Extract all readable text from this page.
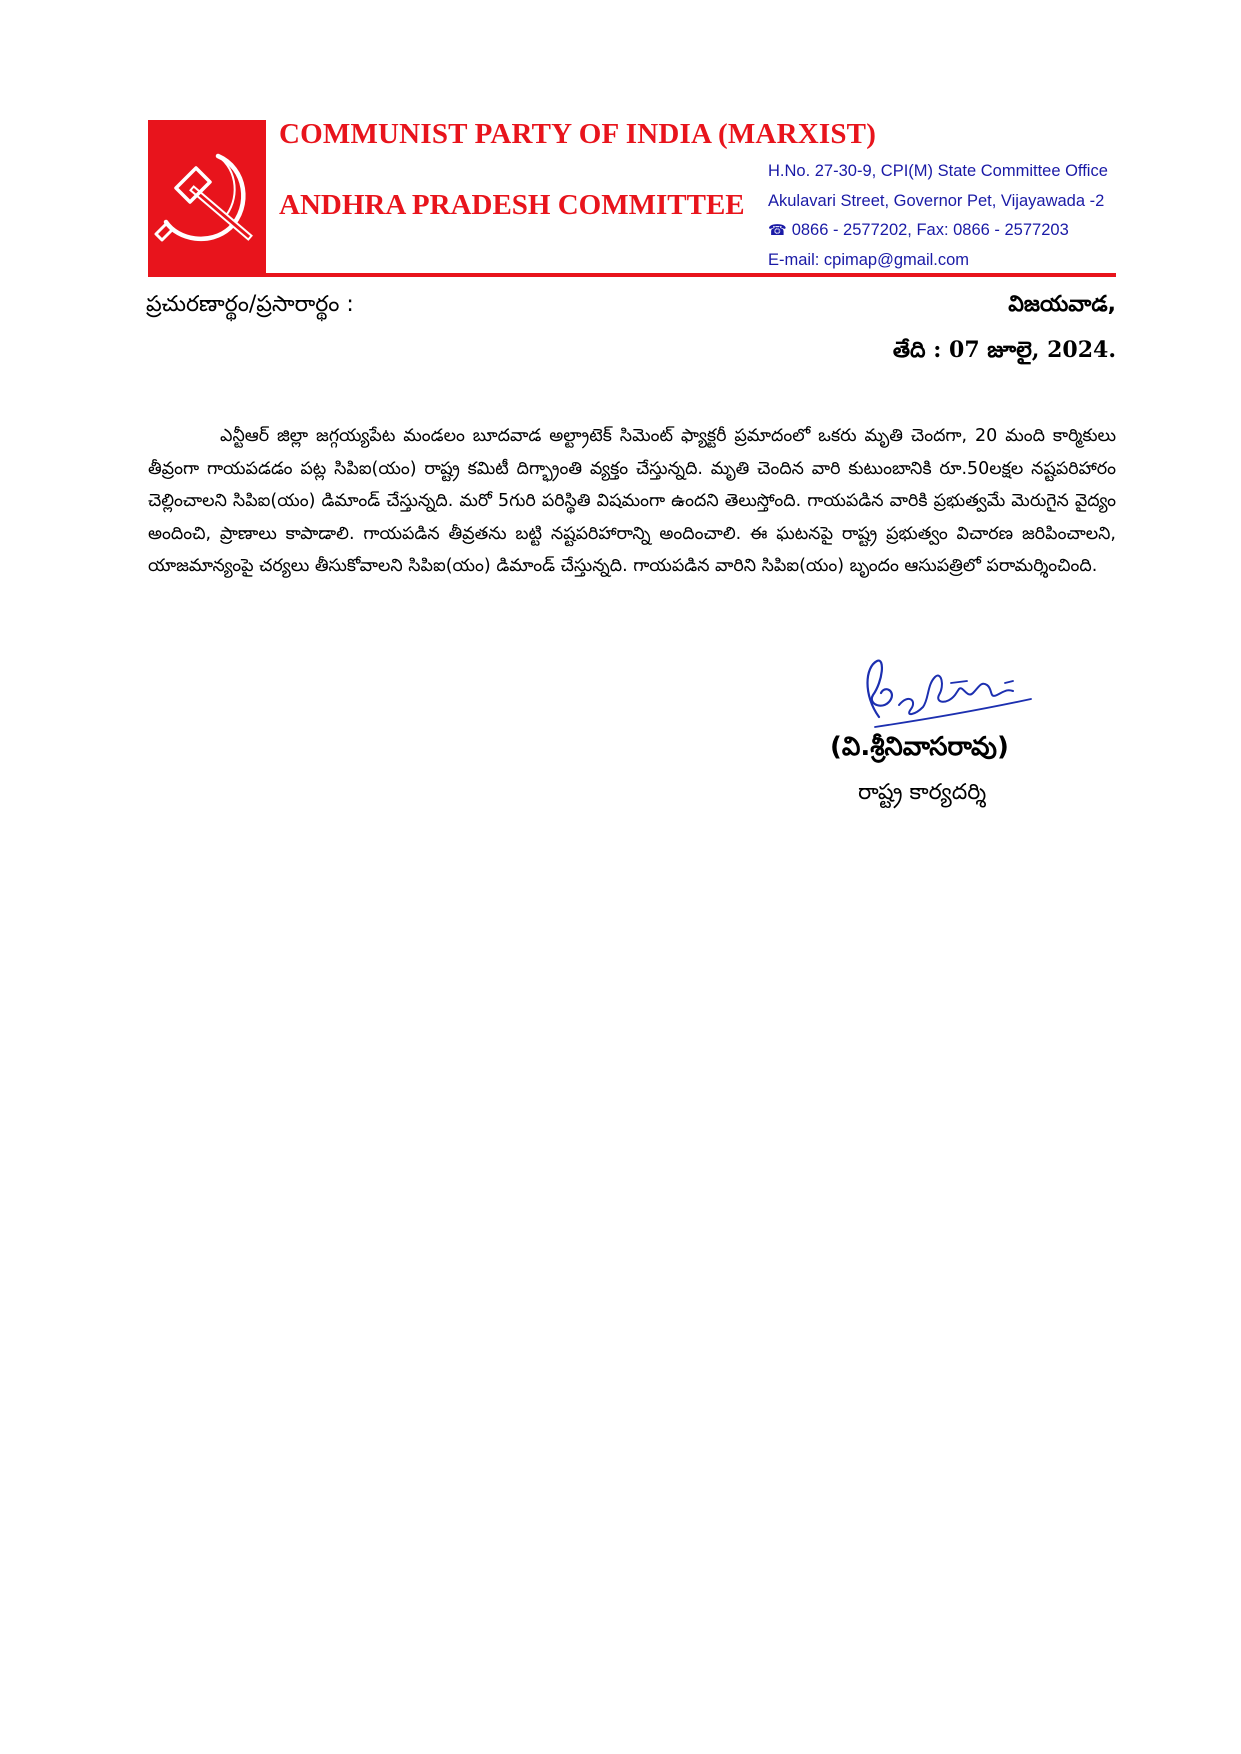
COMMUNIST PARTY OF INDIA (MARXIST)
ANDHRA PRADESH COMMITTEE
H.No. 27-30-9, CPI(M) State Committee Office
Akulavari Street, Governor Pet, Vijayawada -2
☎ 0866 - 2577202, Fax: 0866 - 2577203
E-mail: cpimap@gmail.com
ప్రచురణార్థం/ప్రసారార్థం :	విజయవాడ,
తేది : 07 జూలై, 2024.
ఎన్టీఆర్ జిల్లా జగ్గయ్యపేట మండలం బూదవాడ అల్ట్రాటెక్ సిమెంట్ ఫ్యాక్టరీ ప్రమాదంలో ఒకరు మృతి చెందగా, 20 మంది కార్మికులు తీవ్రంగా గాయపడడం పట్ల సిపిఐ(యం) రాష్ట్ర కమిటీ దిగ్భ్రాంతి వ్యక్తం చేస్తున్నది. మృతి చెందిన వారి కుటుంబానికి రూ.50లక్షల నష్టపరిహారం చెల్లించాలని సిపిఐ(యం) డిమాండ్ చేస్తున్నది. మరో 5గురి పరిస్థితి విషమంగా ఉందని తెలుస్తోంది. గాయపడిన వారికి ప్రభుత్వమే మెరుగైన వైద్యం అందించి, ప్రాణాలు కాపాడాలి. గాయపడిన తీవ్రతను బట్టి నష్టపరిహారాన్ని అందించాలి. ఈ ఘటనపై రాష్ట్ర ప్రభుత్వం విచారణ జరిపించాలని, యాజమాన్యంపై చర్యలు తీసుకోవాలని సిపిఐ(యం) డిమాండ్ చేస్తున్నది. గాయపడిన వారిని సిపిఐ(యం) బృందం ఆసుపత్రిలో పరామర్శించింది.
(వి.శ్రీనివాసరావు)
రాష్ట్ర కార్యదర్శి
